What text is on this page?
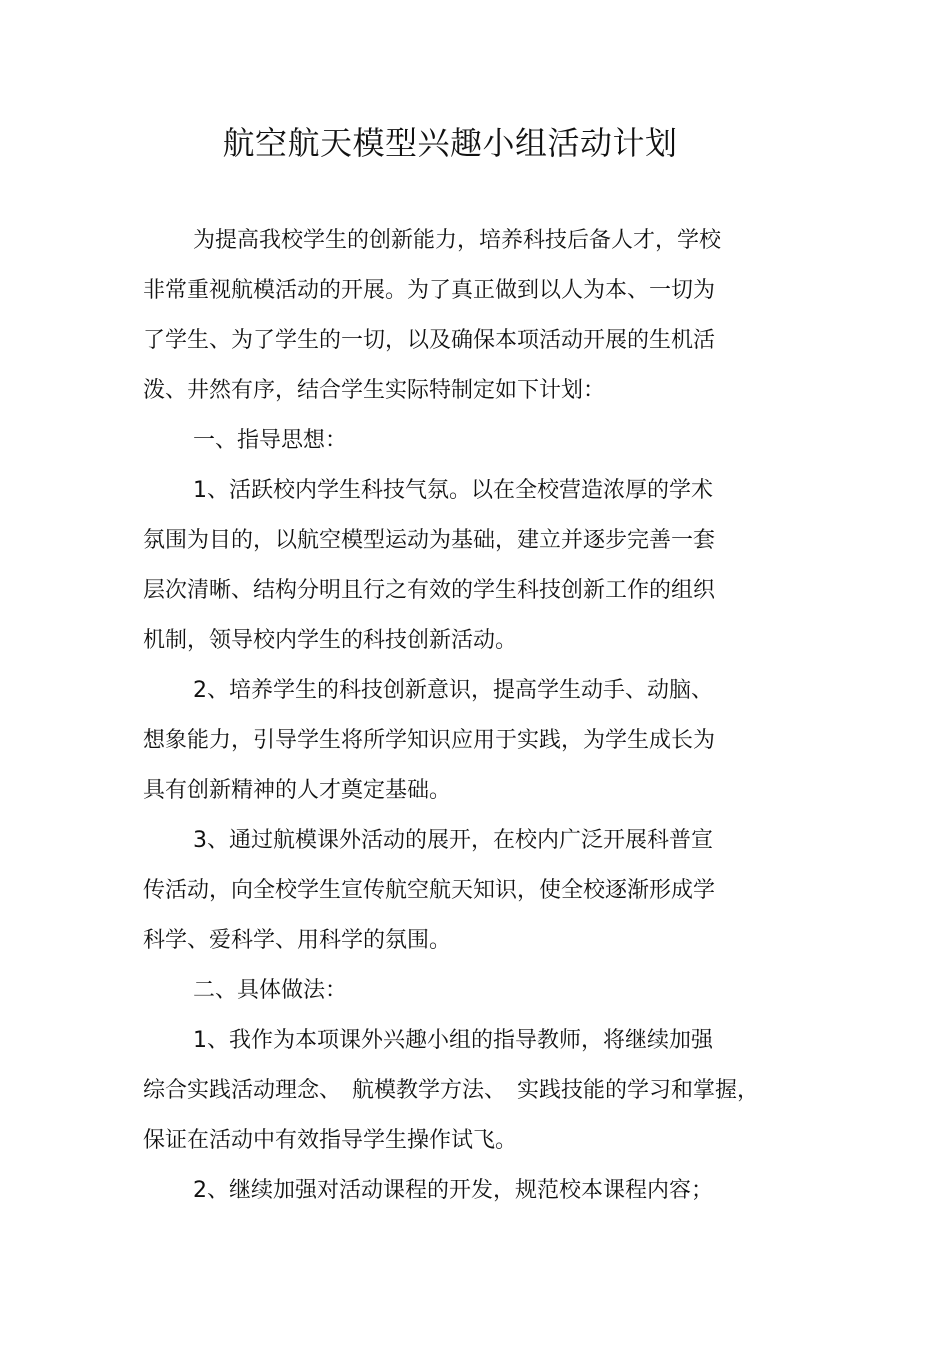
航空航天模型兴趣小组活动计划
为提高我校学生的创新能力，培养科技后备人才，学校
非常重视航模活动的开展。为了真正做到以人为本、一切为
了学生、为了学生的一切，以及确保本项活动开展的生机活
泼、井然有序，结合学生实际特制定如下计划：
一、指导思想：
1、活跃校内学生科技气氛。以在全校营造浓厚的学术
氛围为目的，以航空模型运动为基础，建立并逐步完善一套
层次清晰、结构分明且行之有效的学生科技创新工作的组织
机制，领导校内学生的科技创新活动。
2、培养学生的科技创新意识，提高学生动手、动脑、
想象能力，引导学生将所学知识应用于实践，为学生成长为
具有创新精神的人才奠定基础。
3、通过航模课外活动的展开，在校内广泛开展科普宣
传活动，向全校学生宣传航空航天知识，使全校逐渐形成学
科学、爱科学、用科学的氛围。
二、具体做法：
1、我作为本项课外兴趣小组的指导教师，将继续加强
综合实践活动理念、　航模教学方法、　实践技能的学习和掌握，
保证在活动中有效指导学生操作试飞。
2、继续加强对活动课程的开发，规范校本课程内容；
